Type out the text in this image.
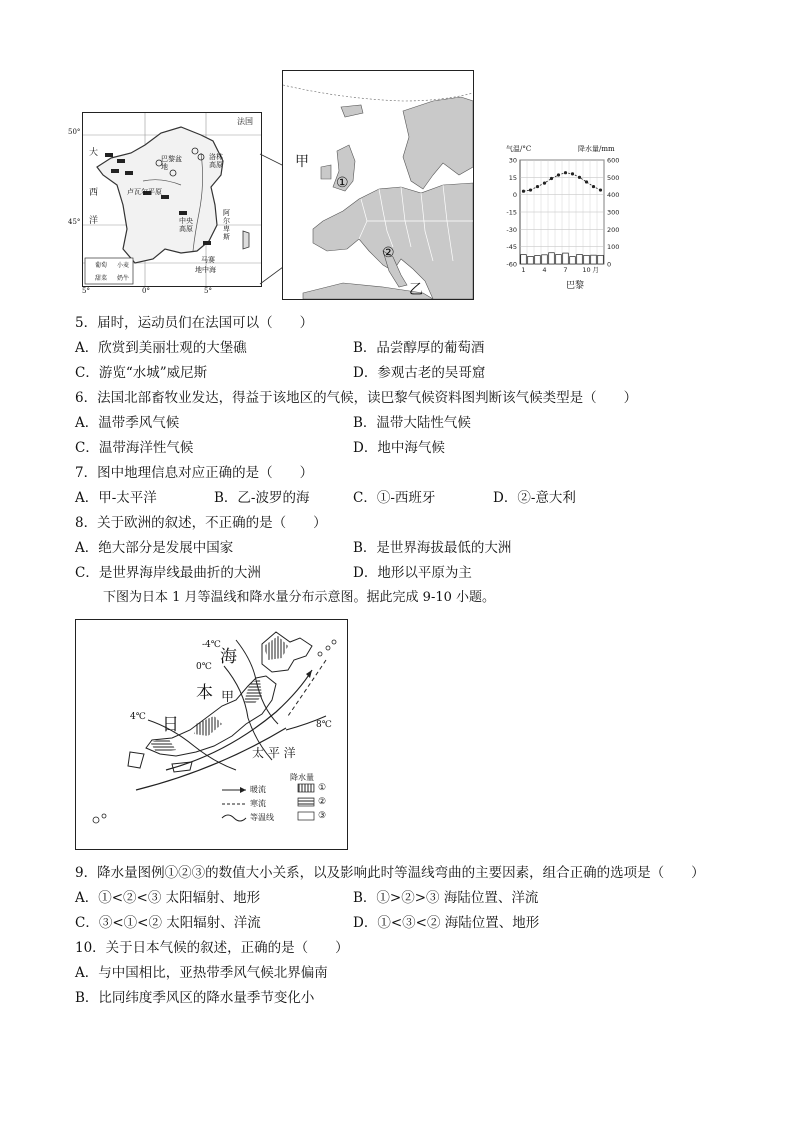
法国
大
西
洋
巴黎盆地
洛林高原
卢瓦尔平原
中央高原
阿尔卑斯
马赛
地中海
葡萄 小麦
甜菜 奶牛
50°
45°
5°	0°	5°
甲
①
②
乙
气温/°C	降水量/mm
30
15
0
-15
-30
-45
-60
600
500
400
300
200
100
0
1	4	7 10 月
巴黎
5．届时，运动员们在法国可以（　　）
A．欣赏到美丽壮观的大堡礁	B．品尝醇厚的葡萄酒
C．游览“水城”威尼斯	D．参观古老的吴哥窟
6．法国北部畜牧业发达，得益于该地区的气候，读巴黎气候资料图判断该气候类型是（　　）
A．温带季风气候	B．温带大陆性气候
C．温带海洋性气候	D．地中海气候
7．图中地理信息对应正确的是（　　）
A．甲-太平洋	B．乙-波罗的海	C．①-西班牙	D．②-意大利
8．关于欧洲的叙述，不正确的是（　　）
A．绝大部分是发展中国家	B．是世界海拔最低的大洲
C．是世界海岸线最曲折的大洲	D．地形以平原为主
下图为日本 1 月等温线和降水量分布示意图。据此完成 9-10 小题。
-4℃
0℃
4℃
8℃
海
本 甲
日
太 平 洋
暖流
寒流
等温线
降水量
①
②
③
9．降水量图例①②③的数值大小关系，以及影响此时等温线弯曲的主要因素，组合正确的选项是（　　）
A．①<②<③ 太阳辐射、地形	B．①>②>③ 海陆位置、洋流
C．③<①<② 太阳辐射、洋流	D．①<③<② 海陆位置、地形
10．关于日本气候的叙述，正确的是（　　）
A．与中国相比，亚热带季风气候北界偏南
B．比同纬度季风区的降水量季节变化小
